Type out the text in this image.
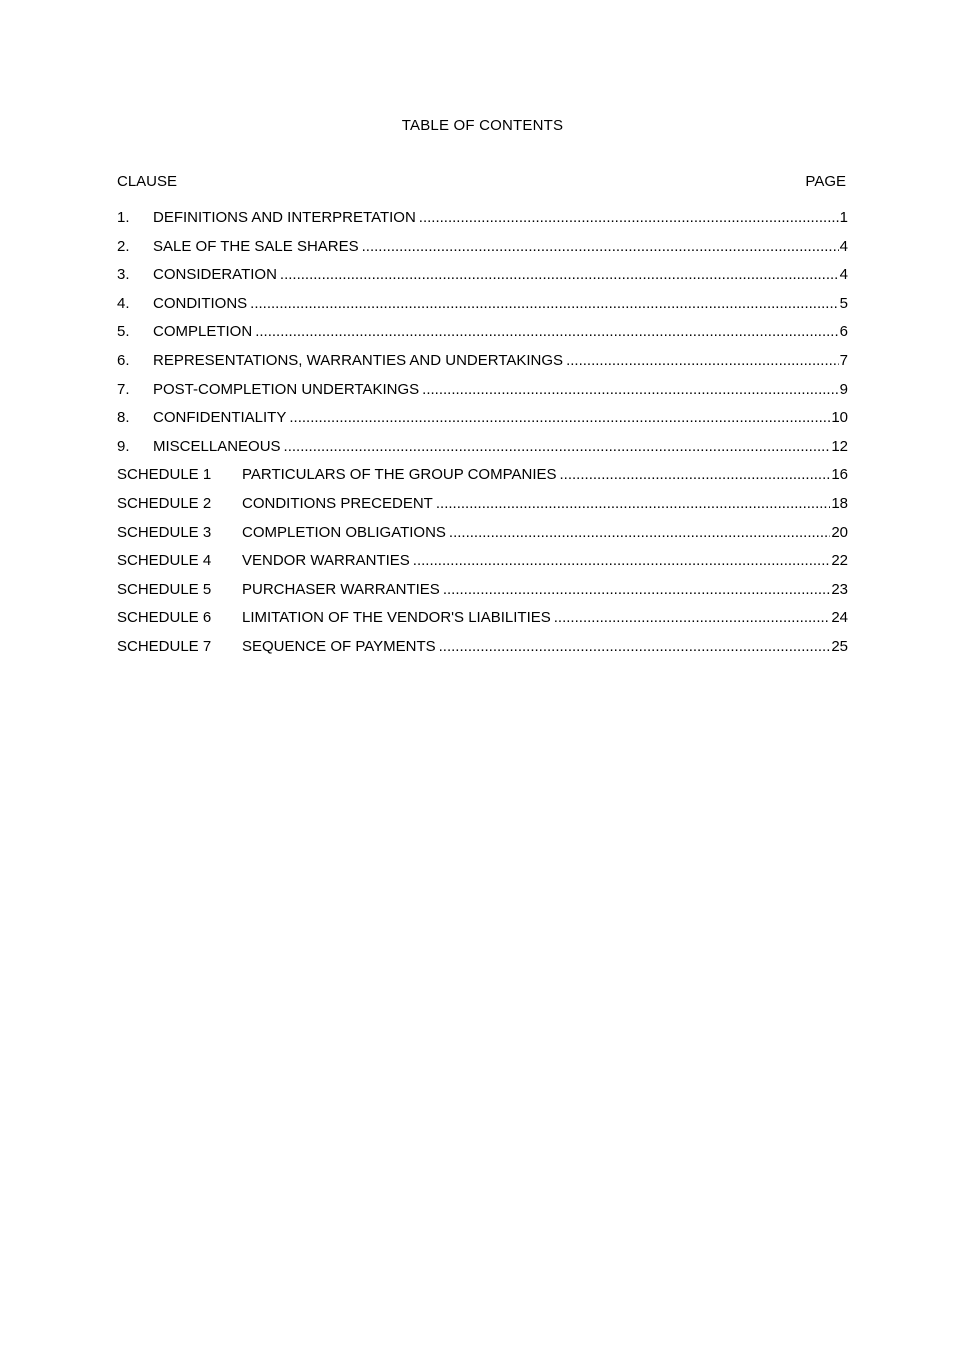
TABLE OF CONTENTS
CLAUSE	PAGE
1.	DEFINITIONS AND INTERPRETATION .....	1
2.	SALE OF THE SALE SHARES .....	4
3.	CONSIDERATION .....	4
4.	CONDITIONS .....	5
5.	COMPLETION .....	6
6.	REPRESENTATIONS, WARRANTIES AND UNDERTAKINGS .....	7
7.	POST-COMPLETION UNDERTAKINGS .....	9
8.	CONFIDENTIALITY .....	10
9.	MISCELLANEOUS .....	12
SCHEDULE 1	PARTICULARS OF THE GROUP COMPANIES .....	16
SCHEDULE 2	CONDITIONS PRECEDENT .....	18
SCHEDULE 3	COMPLETION OBLIGATIONS .....	20
SCHEDULE 4	VENDOR WARRANTIES .....	22
SCHEDULE 5	PURCHASER WARRANTIES .....	23
SCHEDULE 6	LIMITATION OF THE VENDOR'S LIABILITIES .....	24
SCHEDULE 7	SEQUENCE OF PAYMENTS .....	25
